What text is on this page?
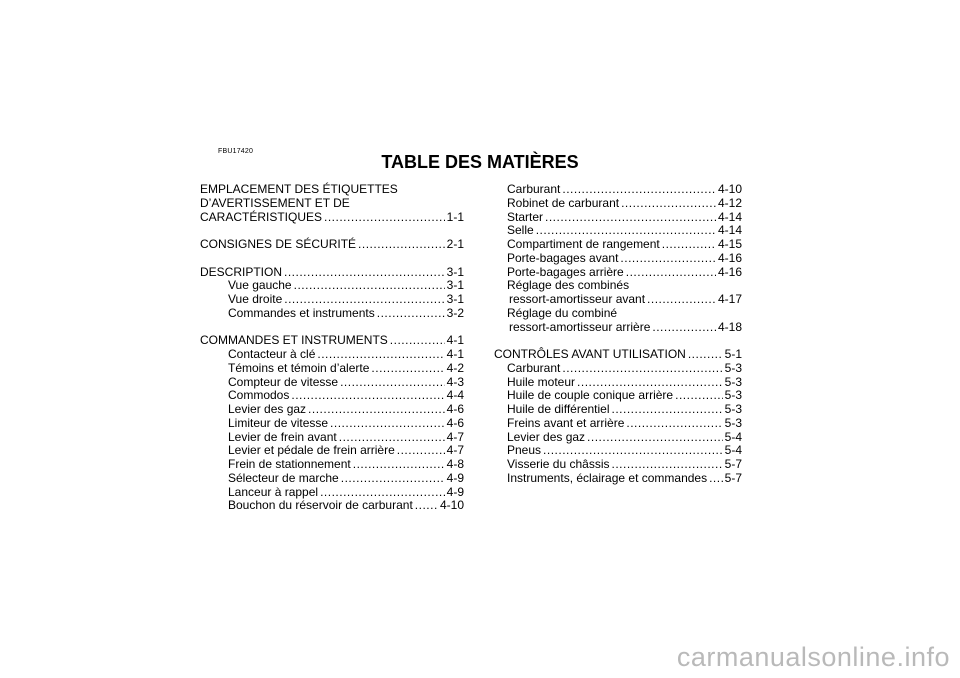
FBU17420
TABLE DES MATIÈRES
EMPLACEMENT DES ÉTIQUETTES
D’AVERTISSEMENT ET DE
CARACTÉRISTIQUES .....	1-1
CONSIGNES DE SÉCURITÉ .....	2-1
DESCRIPTION .....	3-1
Vue gauche .....	3-1
Vue droite .....	3-1
Commandes et instruments .....	3-2
COMMANDES ET INSTRUMENTS .....	4-1
Contacteur à clé .....	4-1
Témoins et témoin d’alerte .....	4-2
Compteur de vitesse .....	4-3
Commodos .....	4-4
Levier des gaz .....	4-6
Limiteur de vitesse .....	4-6
Levier de frein avant .....	4-7
Levier et pédale de frein arrière .....	4-7
Frein de stationnement .....	4-8
Sélecteur de marche .....	4-9
Lanceur à rappel .....	4-9
Bouchon du réservoir de carburant ..... 4-10
Carburant .....	4-10
Robinet de carburant .....	4-12
Starter .....	4-14
Selle .....	4-14
Compartiment de rangement .....	4-15
Porte-bagages avant .....	4-16
Porte-bagages arrière .....	4-16
Réglage des combinés
ressort-amortisseur avant .....	4-17
Réglage du combiné
ressort-amortisseur arrière .....	4-18
CONTRÔLES AVANT UTILISATION .....	5-1
Carburant .....	5-3
Huile moteur .....	5-3
Huile de couple conique arrière .....	5-3
Huile de différentiel .....	5-3
Freins avant et arrière .....	5-3
Levier des gaz .....	5-4
Pneus .....	5-4
Visserie du châssis .....	5-7
Instruments, éclairage et commandes ..... 5-7
carmanualsonline.info
